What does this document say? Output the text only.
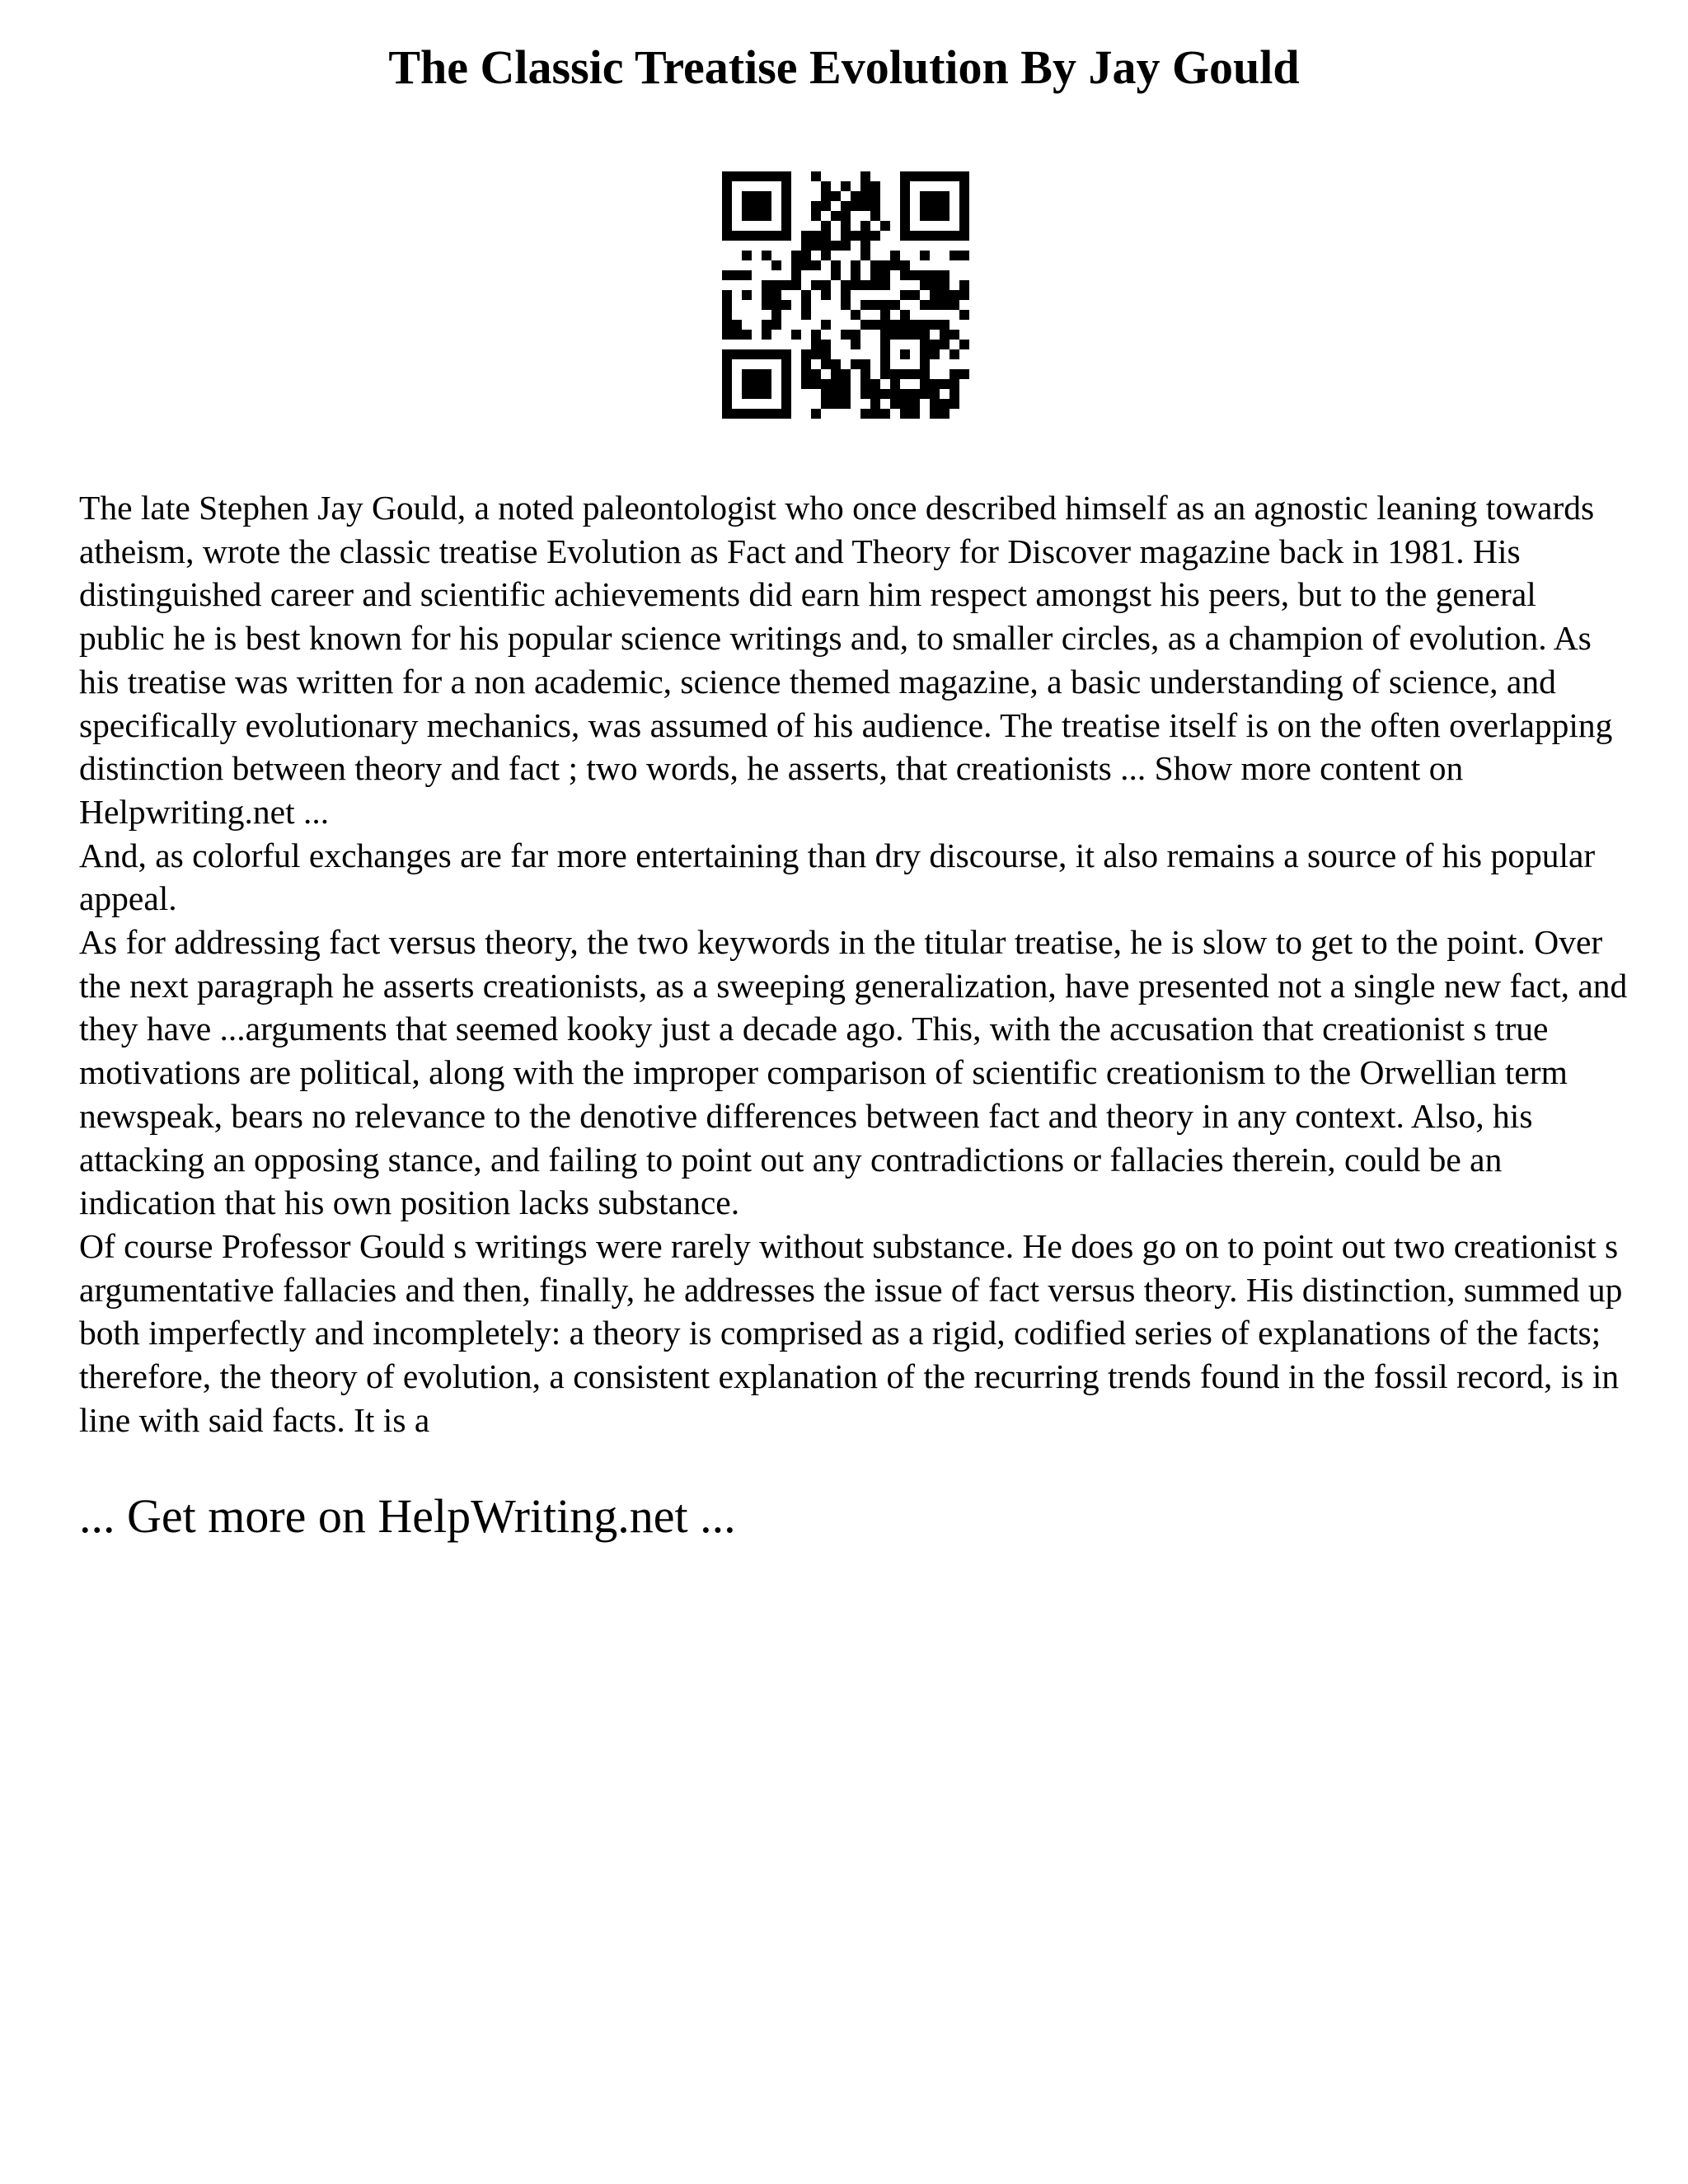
The Classic Treatise Evolution By Jay Gould

The late Stephen Jay Gould, a noted paleontologist who once described himself as an agnostic leaning towards atheism, wrote the classic treatise Evolution as Fact and Theory for Discover magazine back in 1981. His distinguished career and scientific achievements did earn him respect amongst his peers, but to the general public he is best known for his popular science writings and, to smaller circles, as a champion of evolution. As his treatise was written for a non academic, science themed magazine, a basic understanding of science, and specifically evolutionary mechanics, was assumed of his audience. The treatise itself is on the often overlapping distinction between theory and fact ; two words, he asserts, that creationists ... Show more content on Helpwriting.net ...

And, as colorful exchanges are far more entertaining than dry discourse, it also remains a source of his popular appeal.

As for addressing fact versus theory, the two keywords in the titular treatise, he is slow to get to the point. Over the next paragraph he asserts creationists, as a sweeping generalization, have presented not a single new fact, and they have ...arguments that seemed kooky just a decade ago. This, with the accusation that creationist s true motivations are political, along with the improper comparison of scientific creationism to the Orwellian term newspeak, bears no relevance to the denotive differences between fact and theory in any context. Also, his attacking an opposing stance, and failing to point out any contradictions or fallacies therein, could be an indication that his own position lacks substance.

Of course Professor Gould s writings were rarely without substance. He does go on to point out two creationist s argumentative fallacies and then, finally, he addresses the issue of fact versus theory. His distinction, summed up both imperfectly and incompletely: a theory is comprised as a rigid, codified series of explanations of the facts; therefore, the theory of evolution, a consistent explanation of the recurring trends found in the fossil record, is in line with said facts. It is a

... Get more on HelpWriting.net ...
